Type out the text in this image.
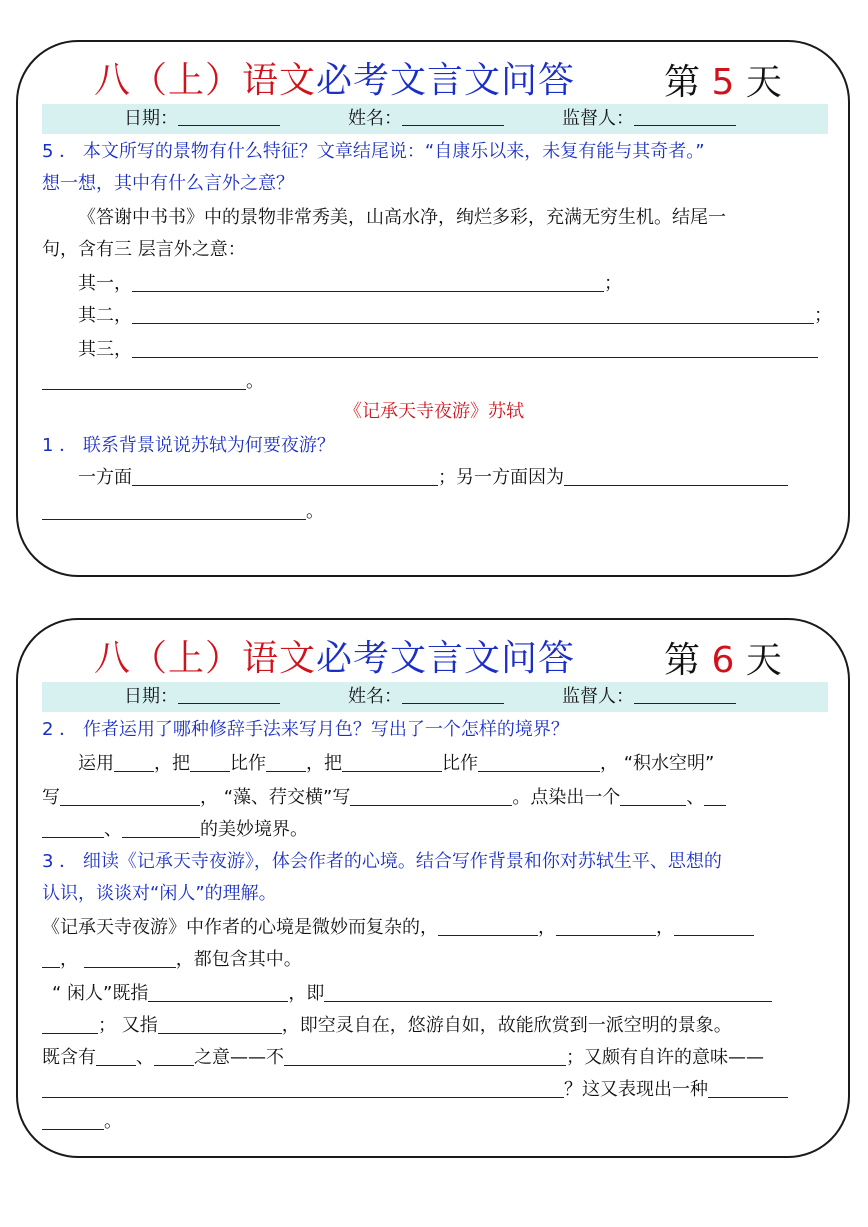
八（上）语文必考文言文问答 第 5 天
日期：	姓名：	监督人：
5 ． 本文所写的景物有什么特征？文章结尾说：“自康乐以来，未复有能与其奇者。”
想一想，其中有什么言外之意？
《答谢中书书》中的景物非常秀美，山高水净，绚烂多彩，充满无穷生机。结尾一
句，含有三 层言外之意：
其一，	；
其二，	；
其三，
。
《记承天寺夜游》苏轼
1 ． 联系背景说说苏轼为何要夜游？
一方面	；另一方面因为
。
八（上）语文必考文言文问答 第 6 天
日期：	姓名：	监督人：
2 ． 作者运用了哪种修辞手法来写月色？写出了一个怎样的境界？
运用 ，把 比作 ，把	比作	， “积水空明”
写	， “藻、荇交横”写	。点染出一个	、
、	的美妙境界。
3 ． 细读《记承天寺夜游》，体会作者的心境。结合写作背景和你对苏轼生平、思想的
认识，谈谈对“闲人”的理解。
《记承天寺夜游》中作者的心境是微妙而复杂的，	，	，
，	，都包含其中。
“ 闲人”既指	，即
； 又指	，即空灵自在，悠游自如，故能欣赏到一派空明的景象。
既含有 、 之意——不	；又颇有自许的意味——
？这又表现出一种
。
